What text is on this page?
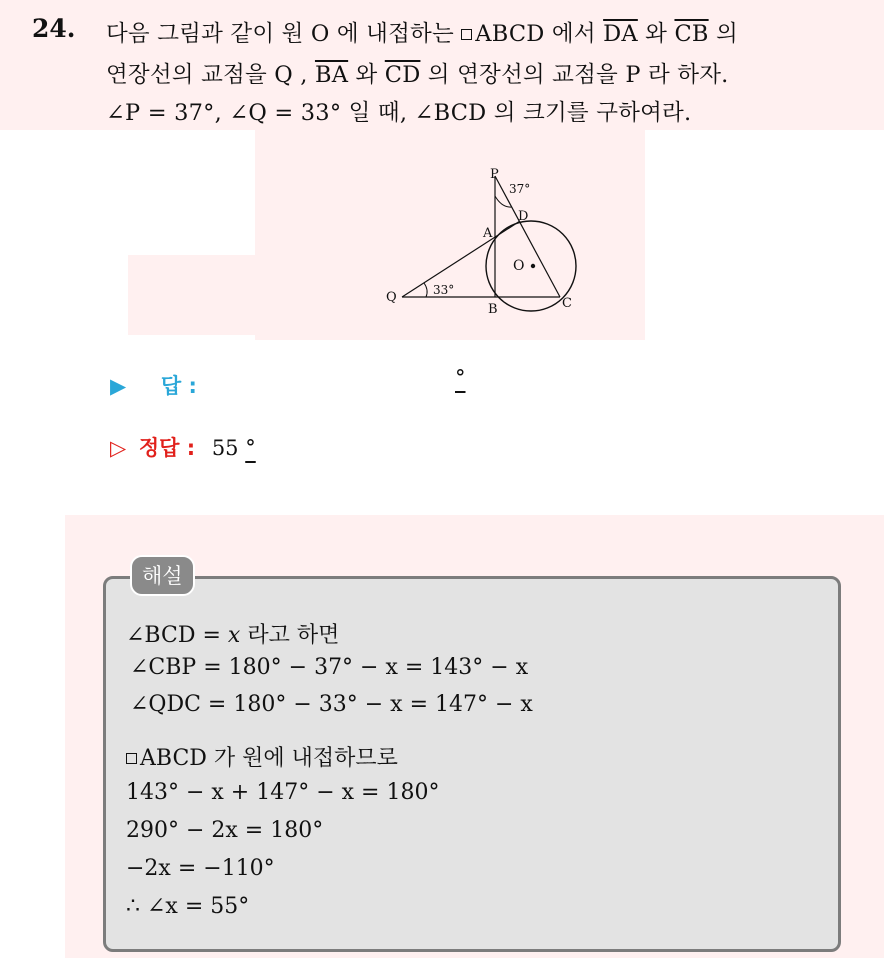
24. 다음 그림과 같이 원 O 에 내접하는 ABCD 에서 $\overline{DA}$ 와 $\overline{CB}$ 의
연장선의 교점을 Q , $\overline{BA}$ 와 $\overline{CD}$ 의 연장선의 교점을 P 라 하자.
∠P = 37°, ∠Q = 33° 일 때, ∠BCD 의 크기를 구하여라.
P
37°
D
A
O
Q	33°
B	C
▶ 답 :	°
▷ 정답 : 55 °
해설
∠BCD = x 라고 하면
∠CBP = 180° − 37° − x = 143° − x
∠QDC = 180° − 33° − x = 147° − x
ABCD 가 원에 내접하므로
143° − x + 147° − x = 180°
290° − 2x = 180°
−2x = −110°
∴ ∠x = 55°
